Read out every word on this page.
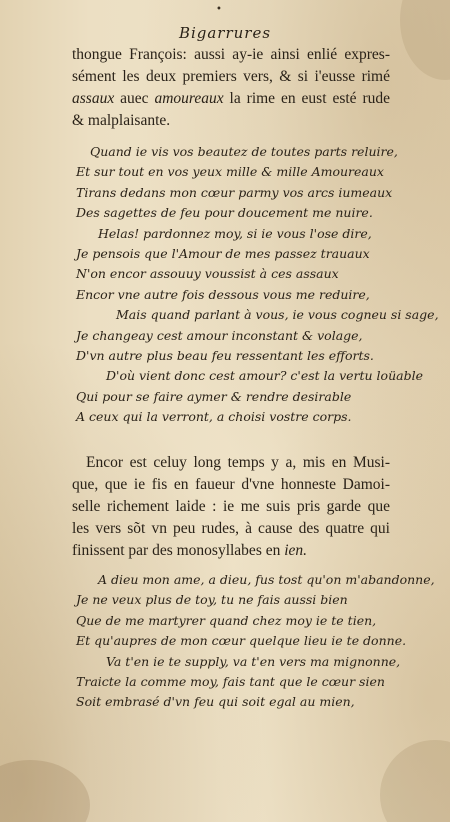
•
Bigarrures
thongue François: aussi ay-ie ainsi enlié expres-
sément les deux premiers vers, & si i'eusse rimé
assaux auec amoureaux la rime en eust esté rude
& malplaisante.
Quand ie vis vos beautez de toutes parts reluire,
Et sur tout en vos yeux mille & mille Amoureaux
Tirans dedans mon cœur parmy vos arcs iumeaux
Des sagettes de feu pour doucement me nuire.
Helas! pardonnez moy, si ie vous l'ose dire,
Je pensois que l'Amour de mes passez trauaux
N'on encor assouuy voussist à ces assaux
Encor vne autre fois dessous vous me reduire,
Mais quand parlant à vous, ie vous cogneu si sage,
Je changeay cest amour inconstant & volage,
D'vn autre plus beau feu ressentant les efforts.
D'où vient donc cest amour? c'est la vertu loüable
Qui pour se faire aymer & rendre desirable
A ceux qui la verront, a choisi vostre corps.
Encor est celuy long temps y a, mis en Musi-
que, que ie fis en faueur d'vne honneste Damoi-
selle richement laide : ie me suis pris garde que
les vers sõt vn peu rudes, à cause des quatre qui
finissent par des monosyllabes en ien.
A dieu mon ame, a dieu, fus tost qu'on m'abandonne,
Je ne veux plus de toy, tu ne fais aussi bien
Que de me martyrer quand chez moy ie te tien,
Et qu'aupres de mon cœur quelque lieu ie te donne.
Va t'en ie te supply, va t'en vers ma mignonne,
Traicte la comme moy, fais tant que le cœur sien
Soit embrasé d'vn feu qui soit egal au mien,
